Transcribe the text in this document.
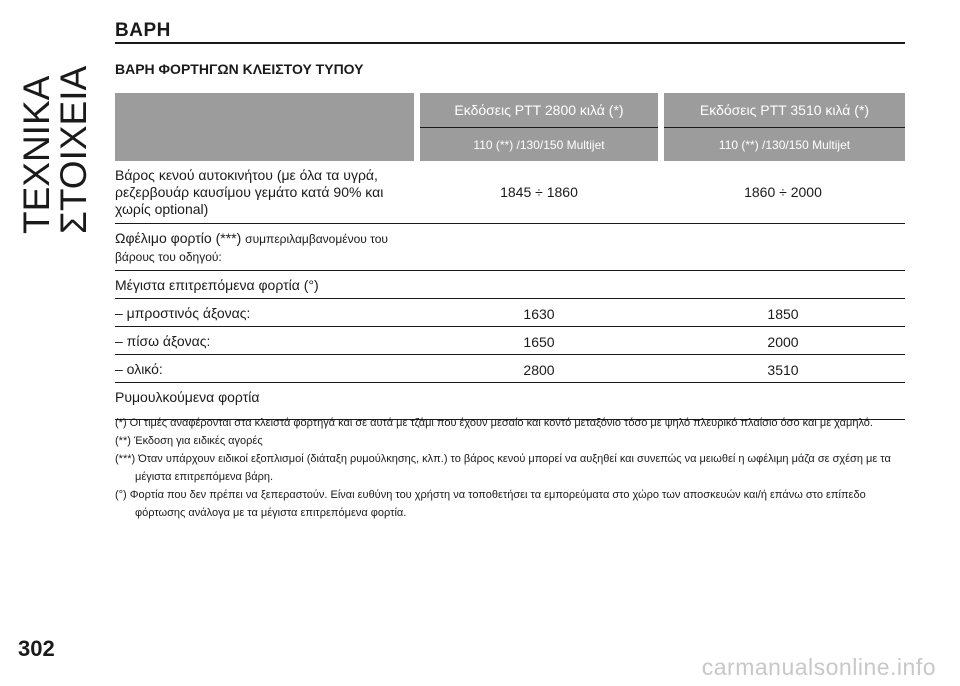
ΤΕΧΝΙΚΑ ΣΤΟΙΧΕΙΑ
ΒΑΡΗ
ΒΑΡΗ ΦΟΡΤΗΓΩΝ ΚΛΕΙΣΤΟΥ ΤΥΠΟΥ
	Εκδόσεις PTT 2800 κιλά (*)	Εκδόσεις PTT 3510 κιλά (*)
	110 (**) /130/150 Multijet	110 (**) /130/150 Multijet
Βάρος κενού αυτοκινήτου (με όλα τα υγρά, ρεζερβουάρ καυσίμου γεμάτο κατά 90% και χωρίς optional)	1845 ÷ 1860	1860 ÷ 2000
Ωφέλιμο φορτίο (***) συμπεριλαμβανομένου του βάρους του οδηγού:		
Μέγιστα επιτρεπόμενα φορτία (°)		
– μπροστινός άξονας:	1630	1850
– πίσω άξονας:	1650	2000
– ολικό:	2800	3510
Ρυμουλκούμενα φορτία		
(*) Οι τιμές αναφέρονται στα κλειστά φορτηγά και σε αυτά με τζάμι που έχουν μεσαίο και κοντό μεταξόνιο τόσο με ψηλό πλευρικό πλαίσιο όσο και με χαμηλό.
(**) Έκδοση για ειδικές αγορές
(***) Όταν υπάρχουν ειδικοί εξοπλισμοί (διάταξη ρυμούλκησης, κλπ.) το βάρος κενού μπορεί να αυξηθεί και συνεπώς να μειωθεί η ωφέλιμη μάζα σε σχέση με τα μέγιστα επιτρεπόμενα βάρη.
(°) Φορτία που δεν πρέπει να ξεπεραστούν. Είναι ευθύνη του χρήστη να τοποθετήσει τα εμπορεύματα στο χώρο των αποσκευών και/ή επάνω στο επίπεδο φόρτωσης ανάλογα με τα μέγιστα επιτρεπόμενα φορτία.
302
carmanualsonline.info
